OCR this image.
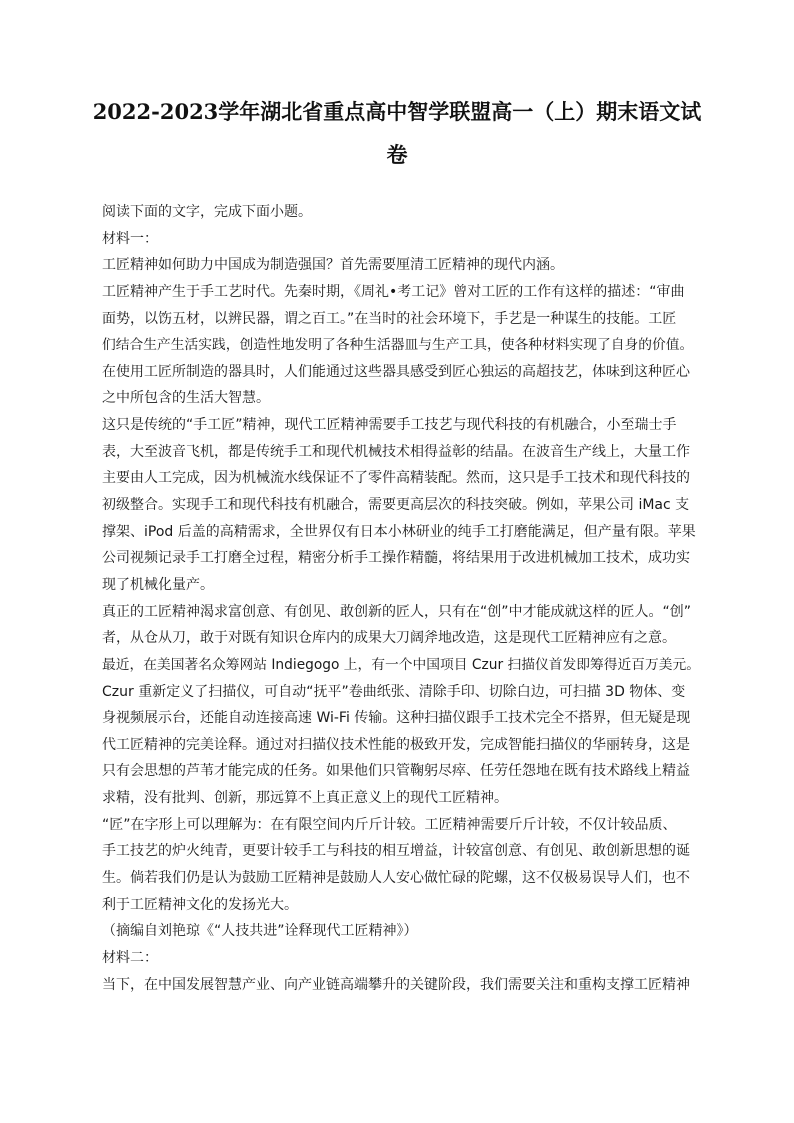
2022-2023学年湖北省重点高中智学联盟高一（上）期末语文试
卷
阅读下面的文字，完成下面小题。
材料一：
工匠精神如何助力中国成为制造强国？首先需要厘清工匠精神的现代内涵。
工匠精神产生于手工艺时代。先秦时期，《周礼•考工记》曾对工匠的工作有这样的描述：“审曲
面势，以饬五材，以辨民器，谓之百工。”在当时的社会环境下，手艺是一种谋生的技能。工匠
们结合生产生活实践，创造性地发明了各种生活器皿与生产工具，使各种材料实现了自身的价值。
在使用工匠所制造的器具时，人们能通过这些器具感受到匠心独运的高超技艺，体味到这种匠心
之中所包含的生活大智慧。
这只是传统的“手工匠”精神，现代工匠精神需要手工技艺与现代科技的有机融合，小至瑞士手
表，大至波音飞机，都是传统手工和现代机械技术相得益彰的结晶。在波音生产线上，大量工作
主要由人工完成，因为机械流水线保证不了零件高精装配。然而，这只是手工技术和现代科技的
初级整合。实现手工和现代科技有机融合，需要更高层次的科技突破。例如，苹果公司 iMac 支
撑架、iPod 后盖的高精需求，全世界仅有日本小林研业的纯手工打磨能满足，但产量有限。苹果
公司视频记录手工打磨全过程，精密分析手工操作精髓，将结果用于改进机械加工技术，成功实
现了机械化量产。
真正的工匠精神渴求富创意、有创见、敢创新的匠人，只有在“创”中才能成就这样的匠人。“创”
者，从仓从刀，敢于对既有知识仓库内的成果大刀阔斧地改造，这是现代工匠精神应有之意。
最近，在美国著名众筹网站 Indiegogo 上，有一个中国项目 Czur 扫描仪首发即筹得近百万美元。
Czur 重新定义了扫描仪，可自动“抚平”卷曲纸张、清除手印、切除白边，可扫描 3D 物体、变
身视频展示台，还能自动连接高速 Wi-Fi 传输。这种扫描仪跟手工技术完全不搭界，但无疑是现
代工匠精神的完美诠释。通过对扫描仪技术性能的极致开发，完成智能扫描仪的华丽转身，这是
只有会思想的芦苇才能完成的任务。如果他们只管鞠躬尽瘁、任劳任怨地在既有技术路线上精益
求精，没有批判、创新，那远算不上真正意义上的现代工匠精神。
“匠”在字形上可以理解为：在有限空间内斤斤计较。工匠精神需要斤斤计较，不仅计较品质、
手工技艺的炉火纯青，更要计较手工与科技的相互增益，计较富创意、有创见、敢创新思想的诞
生。倘若我们仍是认为鼓励工匠精神是鼓励人人安心做忙碌的陀螺，这不仅极易误导人们，也不
利于工匠精神文化的发扬光大。
（摘编自刘艳琼《“人技共进”诠释现代工匠精神》）
材料二：
当下，在中国发展智慧产业、向产业链高端攀升的关键阶段，我们需要关注和重构支撑工匠精神
